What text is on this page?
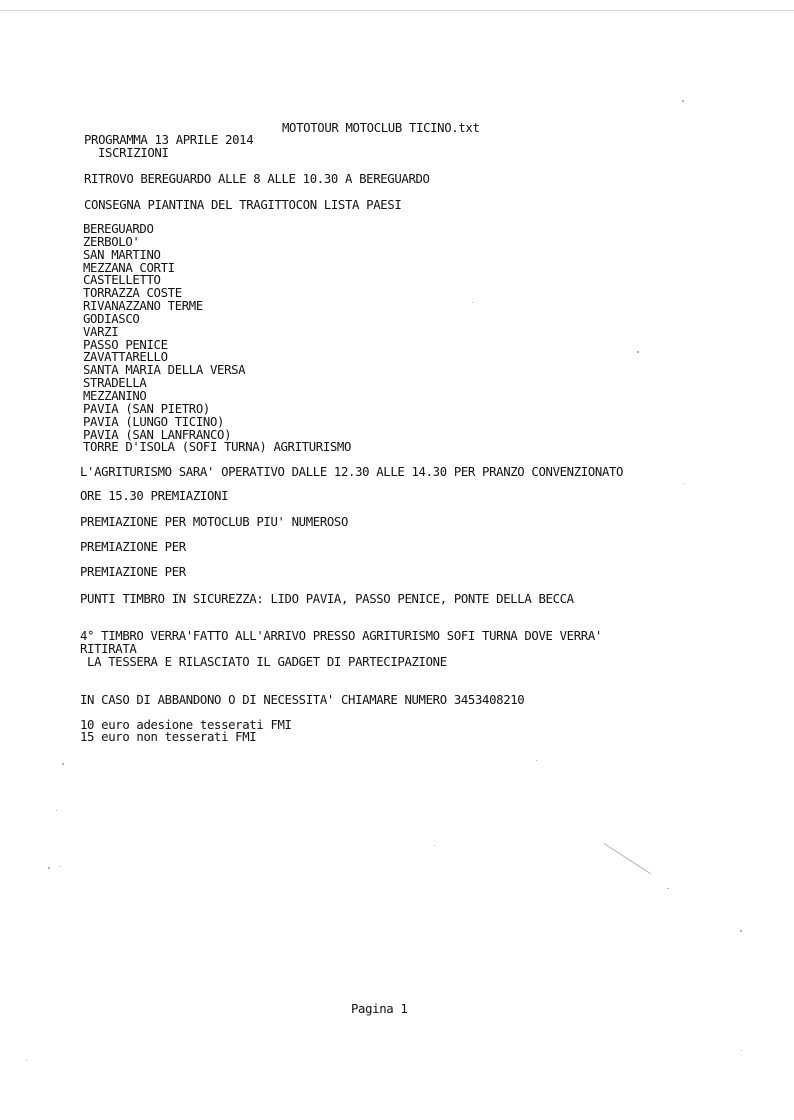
MOTOTOUR MOTOCLUB TICINO.txt
PROGRAMMA 13 APRILE 2014
ISCRIZIONI
RITROVO BEREGUARDO ALLE 8 ALLE 10.30 A BEREGUARDO
CONSEGNA PIANTINA DEL TRAGITTOCON LISTA PAESI
BEREGUARDO
ZERBOLO'
SAN MARTINO
MEZZANA CORTI
CASTELLETTO
TORRAZZA COSTE
RIVANAZZANO TERME
GODIASCO
VARZI
PASSO PENICE
ZAVATTARELLO
SANTA MARIA DELLA VERSA
STRADELLA
MEZZANINO
PAVIA (SAN PIETRO)
PAVIA (LUNGO TICINO)
PAVIA (SAN LANFRANCO)
TORRE D'ISOLA (SOFI TURNA) AGRITURISMO
L'AGRITURISMO SARA' OPERATIVO DALLE 12.30 ALLE 14.30 PER PRANZO CONVENZIONATO
ORE 15.30 PREMIAZIONI
PREMIAZIONE PER MOTOCLUB PIU' NUMEROSO
PREMIAZIONE PER
PREMIAZIONE PER
PUNTI TIMBRO IN SICUREZZA: LIDO PAVIA, PASSO PENICE, PONTE DELLA BECCA
4° TIMBRO VERRA'FATTO ALL'ARRIVO PRESSO AGRITURISMO SOFI TURNA DOVE VERRA'
RITIRATA
LA TESSERA E RILASCIATO IL GADGET DI PARTECIPAZIONE
IN CASO DI ABBANDONO O DI NECESSITA' CHIAMARE NUMERO 3453408210
10 euro adesione tesserati FMI
15 euro non tesserati FMI
Pagina 1
